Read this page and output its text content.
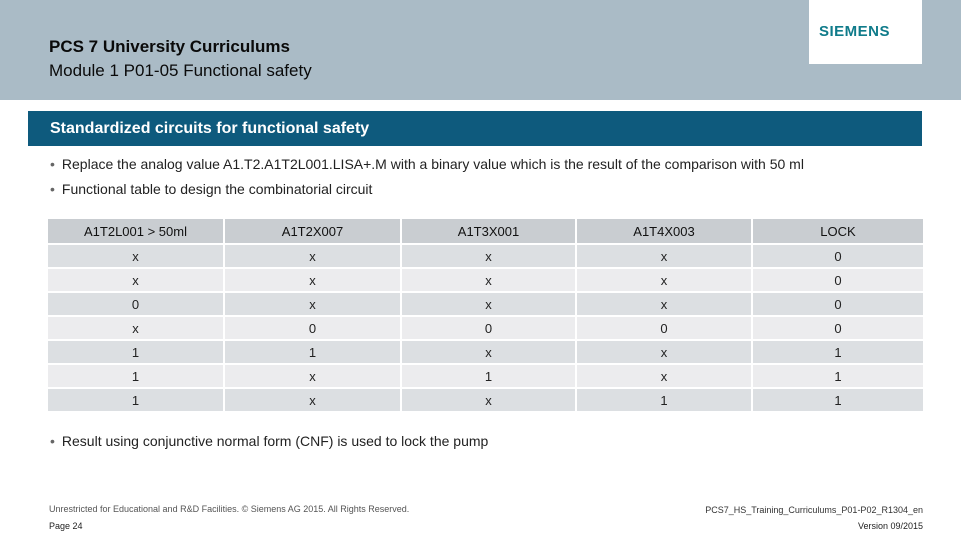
PCS 7 University Curriculums
Module 1 P01-05 Functional safety
SIEMENS
Standardized circuits for functional safety
• Replace the analog value A1.T2.A1T2L001.LISA+.M with a binary value which is the result of the comparison with 50 ml
• Functional table to design the combinatorial circuit
A1T2L001 > 50ml	A1T2X007	A1T3X001	A1T4X003	LOCK
x	x	x	x	0
x	x	x	x	0
0	x	x	x	0
x	0	0	0	0
1	1	x	x	1
1	x	1	x	1
1	x	x	1	1
• Result using conjunctive normal form (CNF) is used to lock the pump
Unrestricted for Educational and R&D Facilities. © Siemens AG 2015. All Rights Reserved.	PCS7_HS_Training_Curriculums_P01-P02_R1304_en
Page 24	Version 09/2015
